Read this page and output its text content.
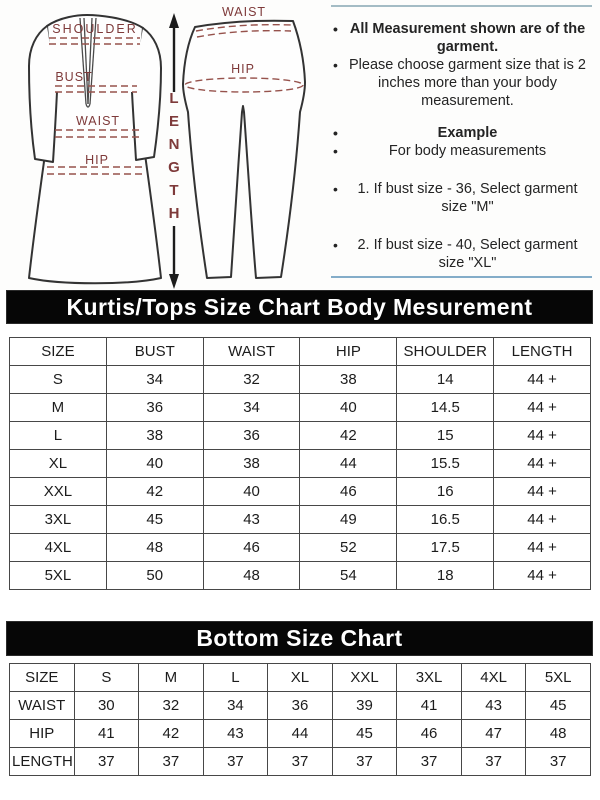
SHOULDER
BUST
WAIST
HIP
L
E
N
G
T
H
WAIST
HIP
• All Measurement shown are of the garment.
• Please choose garment size that is 2 inches more than your body measurement.
•	Example
•	For body measurements
•	1. If bust size - 36, Select garment size "M"
•	2. If bust size - 40, Select garment size "XL"
Kurtis/Tops Size Chart Body Mesurement
SIZE	BUST	WAIST	HIP	SHOULDER	LENGTH
S	34	32	38	14	44 +
M	36	34	40	14.5	44 +
L	38	36	42	15	44 +
XL	40	38	44	15.5	44 +
XXL	42	40	46	16	44 +
3XL	45	43	49	16.5	44 +
4XL	48	46	52	17.5	44 +
5XL	50	48	54	18	44 +
Bottom Size Chart
SIZE	S	M	L	XL	XXL	3XL	4XL	5XL
WAIST	30	32	34	36	39	41	43	45
HIP	41	42	43	44	45	46	47	48
LENGTH	37	37	37	37	37	37	37	37
